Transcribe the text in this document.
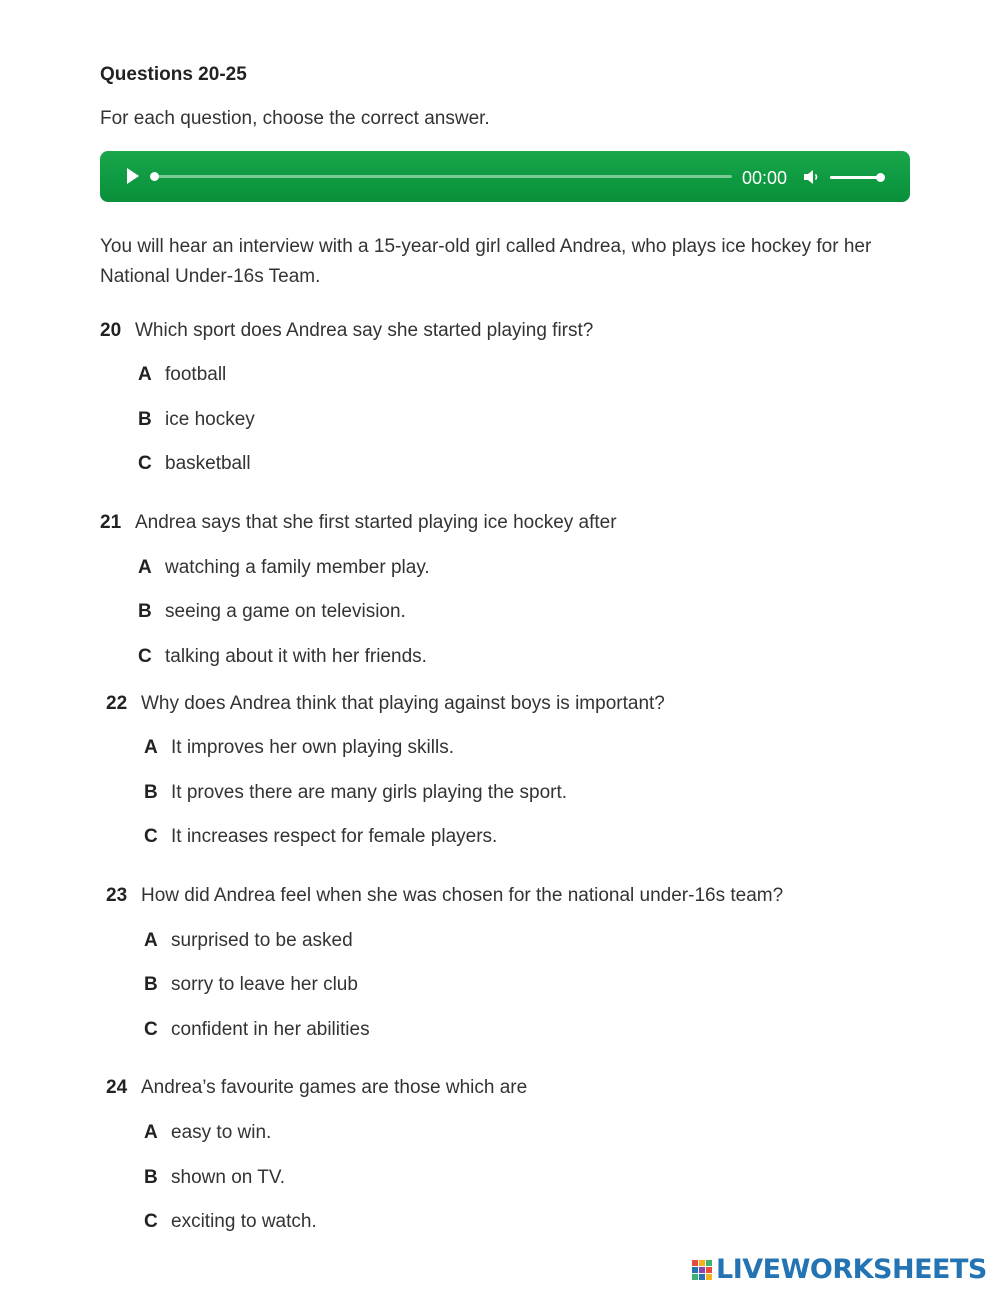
Questions 20-25
For each question, choose the correct answer.
00:00
You will hear an interview with a 15-year-old girl called Andrea, who plays ice hockey for her National Under-16s Team.
20 Which sport does Andrea say she started playing first?
A football
B ice hockey
C basketball
21 Andrea says that she first started playing ice hockey after
A watching a family member play.
B seeing a game on television.
C talking about it with her friends.
22 Why does Andrea think that playing against boys is important?
A It improves her own playing skills.
B It proves there are many girls playing the sport.
C It increases respect for female players.
23 How did Andrea feel when she was chosen for the national under-16s team?
A surprised to be asked
B sorry to leave her club
C confident in her abilities
24 Andrea’s favourite games are those which are
A easy to win.
B shown on TV.
C exciting to watch.
LIVEWORKSHEETS
